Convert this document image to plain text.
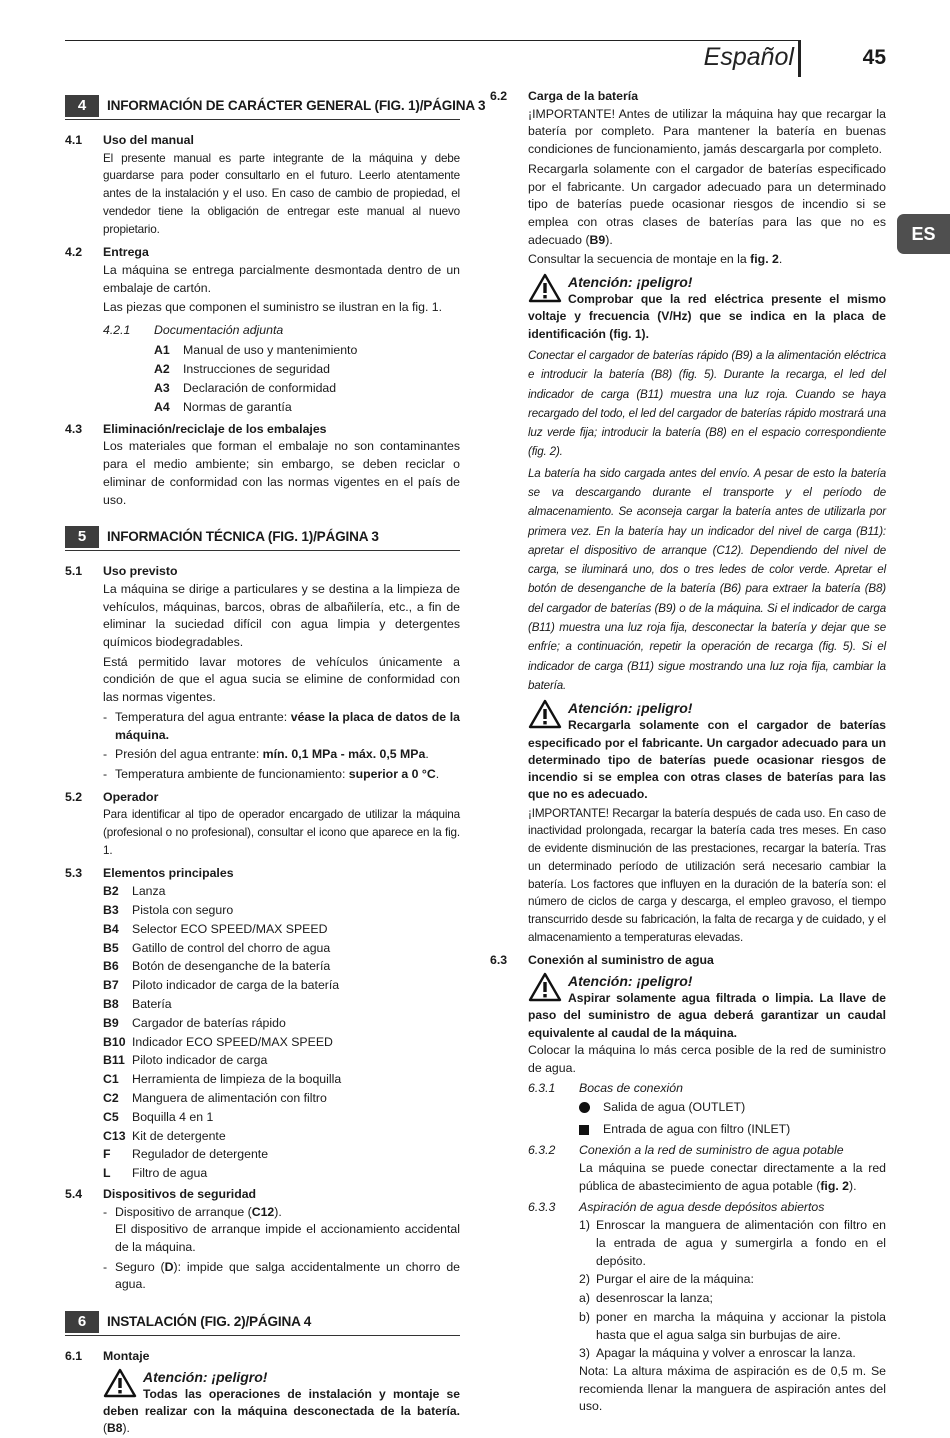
Español	45
ES
4	INFORMACIÓN DE CARÁCTER GENERAL (FIG. 1)/PÁGINA 3
4.1	Uso del manual
El presente manual es parte integrante de la máquina y debe guardarse para poder consultarlo en el futuro. Leerlo atentamente antes de la instalación y el uso. En caso de cambio de propiedad, el vendedor tiene la obligación de entregar este manual al nuevo propietario.
4.2	Entrega
La máquina se entrega parcialmente desmontada dentro de un embalaje de cartón.
Las piezas que componen el suministro se ilustran en la fig. 1.
4.2.1	Documentación adjunta
A1	Manual de uso y mantenimiento
A2	Instrucciones de seguridad
A3	Declaración de conformidad
A4	Normas de garantía
4.3	Eliminación/reciclaje de los embalajes
Los materiales que forman el embalaje no son contaminantes para el medio ambiente; sin embargo, se deben reciclar o eliminar de conformidad con las normas vigentes en el país de uso.
5	INFORMACIÓN TÉCNICA (FIG. 1)/PÁGINA 3
5.1	Uso previsto
La máquina se dirige a particulares y se destina a la limpieza de vehículos, máquinas, barcos, obras de albañilería, etc., a fin de eliminar la suciedad difícil con agua limpia y detergentes químicos biodegradables.
Está permitido lavar motores de vehículos únicamente a condición de que el agua sucia se elimine de conformidad con las normas vigentes.
- Temperatura del agua entrante: véase la placa de datos de la máquina.
- Presión del agua entrante: mín. 0,1 MPa - máx. 0,5 MPa.
- Temperatura ambiente de funcionamiento: superior a 0 °C.
5.2	Operador
Para identificar al tipo de operador encargado de utilizar la máquina (profesional o no profesional), consultar el icono que aparece en la fig. 1.
5.3	Elementos principales
B2	Lanza
B3	Pistola con seguro
B4	Selector ECO SPEED/MAX SPEED
B5	Gatillo de control del chorro de agua
B6	Botón de desenganche de la batería
B7	Piloto indicador de carga de la batería
B8	Batería
B9	Cargador de baterías rápido
B10 Indicador ECO SPEED/MAX SPEED
B11 Piloto indicador de carga
C1	Herramienta de limpieza de la boquilla
C2	Manguera de alimentación con filtro
C5	Boquilla 4 en 1
C13 Kit de detergente
F	Regulador de detergente
L	Filtro de agua
5.4	Dispositivos de seguridad
- Dispositivo de arranque (C12).
El dispositivo de arranque impide el accionamiento accidental de la máquina.
- Seguro (D): impide que salga accidentalmente un chorro de agua.
6	INSTALACIÓN (FIG. 2)/PÁGINA 4
6.1	Montaje
Atención: ¡peligro!
Todas las operaciones de instalación y montaje se deben realizar con la máquina desconectada de la batería. (B8).
6.2	Carga de la batería
¡IMPORTANTE! Antes de utilizar la máquina hay que recargar la batería por completo. Para mantener la batería en buenas condiciones de funcionamiento, jamás descargarla por completo.
Recargarla solamente con el cargador de baterías especificado por el fabricante. Un cargador adecuado para un determinado tipo de baterías puede ocasionar riesgos de incendio si se emplea con otras clases de baterías para las que no es adecuado (B9).
Consultar la secuencia de montaje en la fig. 2.
Atención: ¡peligro!
Comprobar que la red eléctrica presente el mismo voltaje y frecuencia (V/Hz) que se indica en la placa de identificación (fig. 1).
Conectar el cargador de baterías rápido (B9) a la alimentación eléctrica e introducir la batería (B8) (fig. 5). Durante la recarga, el led del indicador de carga (B11) muestra una luz roja. Cuando se haya recargado del todo, el led del cargador de baterías rápido mostrará una luz verde fija; introducir la batería (B8) en el espacio correspondiente (fig. 2).
La batería ha sido cargada antes del envío. A pesar de esto la batería se va descargando durante el transporte y el período de almacenamiento. Se aconseja cargar la batería antes de utilizarla por primera vez. En la batería hay un indicador del nivel de carga (B11): apretar el dispositivo de arranque (C12). Dependiendo del nivel de carga, se iluminará uno, dos o tres ledes de color verde. Apretar el botón de desenganche de la batería (B6) para extraer la batería (B8) del cargador de baterías (B9) o de la máquina. Si el indicador de carga (B11) muestra una luz roja fija, desconectar la batería y dejar que se enfríe; a continuación, repetir la operación de recarga (fig. 5). Si el indicador de carga (B11) sigue mostrando una luz roja fija, cambiar la batería.
Atención: ¡peligro!
Recargarla solamente con el cargador de baterías especificado por el fabricante. Un cargador adecuado para un determinado tipo de baterías puede ocasionar riesgos de incendio si se emplea con otras clases de baterías para las que no es adecuado.
¡IMPORTANTE! Recargar la batería después de cada uso. En caso de inactividad prolongada, recargar la batería cada tres meses. En caso de evidente disminución de las prestaciones, recargar la batería. Tras un determinado período de utilización será necesario cambiar la batería. Los factores que influyen en la duración de la batería son: el número de ciclos de carga y descarga, el empleo gravoso, el tiempo transcurrido desde su fabricación, la falta de recarga y de cuidado, y el almacenamiento a temperaturas elevadas.
6.3	Conexión al suministro de agua
Atención: ¡peligro!
Aspirar solamente agua filtrada o limpia. La llave de paso del suministro de agua deberá garantizar un caudal equivalente al caudal de la máquina.
Colocar la máquina lo más cerca posible de la red de suministro de agua.
6.3.1	Bocas de conexión
Salida de agua (OUTLET)
Entrada de agua con filtro (INLET)
6.3.2	Conexión a la red de suministro de agua potable
La máquina se puede conectar directamente a la red pública de abastecimiento de agua potable (fig. 2).
6.3.3	Aspiración de agua desde depósitos abiertos
1) Enroscar la manguera de alimentación con filtro en la entrada de agua y sumergirla a fondo en el depósito.
2) Purgar el aire de la máquina:
a) desenroscar la lanza;
b) poner en marcha la máquina y accionar la pistola hasta que el agua salga sin burbujas de aire.
3) Apagar la máquina y volver a enroscar la lanza.
Nota: La altura máxima de aspiración es de 0,5 m. Se recomienda llenar la manguera de aspiración antes del uso.
